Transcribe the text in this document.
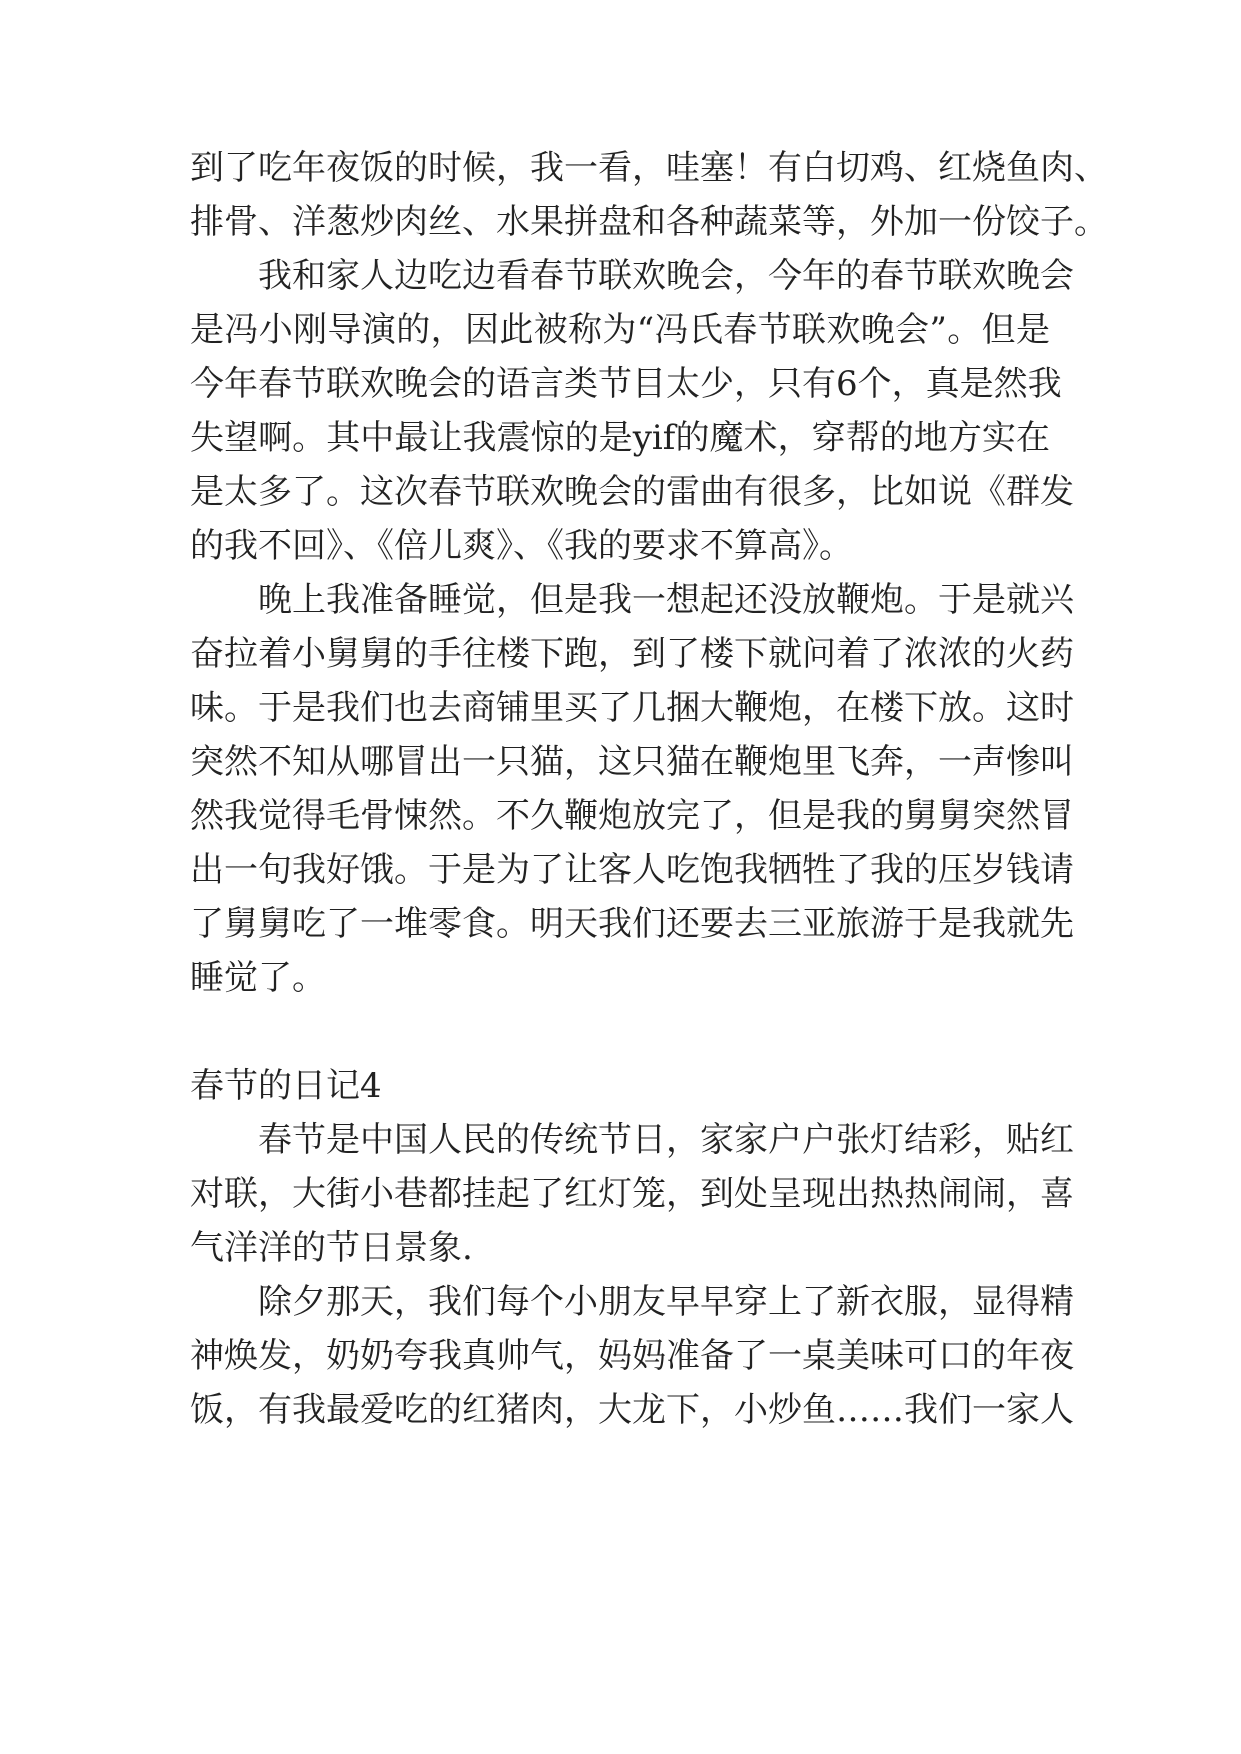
到了吃年夜饭的时候，我一看，哇塞！有白切鸡、红烧鱼肉、
排骨、洋葱炒肉丝、水果拼盘和各种蔬菜等，外加一份饺子。
我和家人边吃边看春节联欢晚会，今年的春节联欢晚会
是冯小刚导演的，因此被称为“冯氏春节联欢晚会”。但是
今年春节联欢晚会的语言类节目太少，只有6个，真是然我
失望啊。其中最让我震惊的是yif的魔术，穿帮的地方实在
是太多了。这次春节联欢晚会的雷曲有很多，比如说《群发
的我不回》、《倍儿爽》、《我的要求不算高》。
晚上我准备睡觉，但是我一想起还没放鞭炮。于是就兴
奋拉着小舅舅的手往楼下跑，到了楼下就问着了浓浓的火药
味。于是我们也去商铺里买了几捆大鞭炮，在楼下放。这时
突然不知从哪冒出一只猫，这只猫在鞭炮里飞奔，一声惨叫
然我觉得毛骨悚然。不久鞭炮放完了，但是我的舅舅突然冒
出一句我好饿。于是为了让客人吃饱我牺牲了我的压岁钱请
了舅舅吃了一堆零食。明天我们还要去三亚旅游于是我就先
睡觉了。
春节的日记4
春节是中国人民的传统节日，家家户户张灯结彩，贴红
对联，大街小巷都挂起了红灯笼，到处呈现出热热闹闹，喜
气洋洋的节日景象.
除夕那天，我们每个小朋友早早穿上了新衣服，显得精
神焕发，奶奶夸我真帅气，妈妈准备了一桌美味可口的年夜
饭，有我最爱吃的红猪肉，大龙下，小炒鱼……我们一家人
